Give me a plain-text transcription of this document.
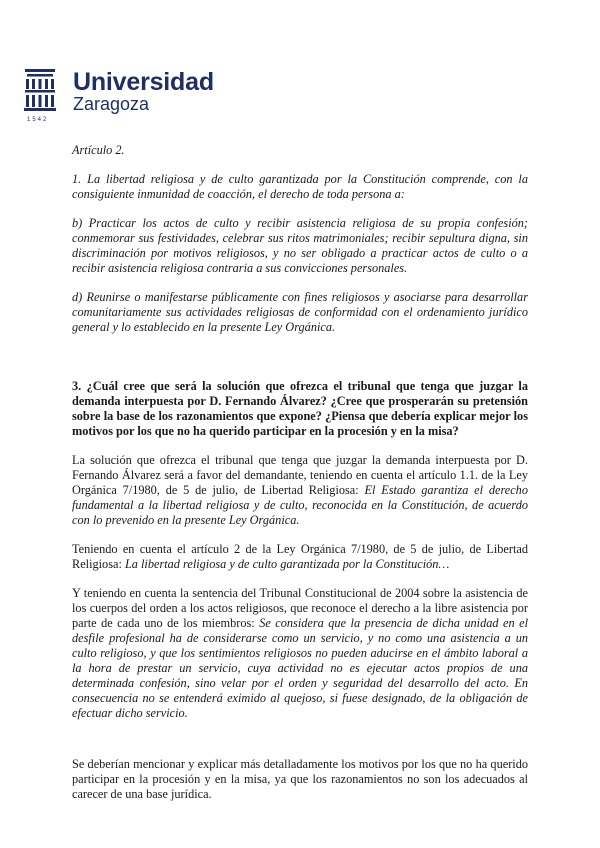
1542
Universidad
Zaragoza

Artículo 2.

1. La libertad religiosa y de culto garantizada por la Constitución comprende, con la consiguiente inmunidad de coacción, el derecho de toda persona a:

b) Practicar los actos de culto y recibir asistencia religiosa de su propia confesión; conmemorar sus festividades, celebrar sus ritos matrimoniales; recibir sepultura digna, sin discriminación por motivos religiosos, y no ser obligado a practicar actos de culto o a recibir asistencia religiosa contraria a sus convicciones personales.

d) Reunirse o manifestarse públicamente con fines religiosos y asociarse para desarrollar comunitariamente sus actividades religiosas de conformidad con el ordenamiento jurídico general y lo establecido en la presente Ley Orgánica.

3. ¿Cuál cree que será la solución que ofrezca el tribunal que tenga que juzgar la demanda interpuesta por D. Fernando Álvarez? ¿Cree que prosperarán su pretensión sobre la base de los razonamientos que expone? ¿Piensa que debería explicar mejor los motivos por los que no ha querido participar en la procesión y en la misa?

La solución que ofrezca el tribunal que tenga que juzgar la demanda interpuesta por D. Fernando Álvarez será a favor del demandante, teniendo en cuenta el artículo 1.1. de la Ley Orgánica 7/1980, de 5 de julio, de Libertad Religiosa: El Estado garantiza el derecho fundamental a la libertad religiosa y de culto, reconocida en la Constitución, de acuerdo con lo prevenido en la presente Ley Orgánica.

Teniendo en cuenta el artículo 2 de la Ley Orgánica 7/1980, de 5 de julio, de Libertad Religiosa: La libertad religiosa y de culto garantizada por la Constitución…

Y teniendo en cuenta la sentencia del Tribunal Constitucional de 2004 sobre la asistencia de los cuerpos del orden a los actos religiosos, que reconoce el derecho a la libre asistencia por parte de cada uno de los miembros: Se considera que la presencia de dicha unidad en el desfile profesional ha de considerarse como un servicio, y no como una asistencia a un culto religioso, y que los sentimientos religiosos no pueden aducirse en el ámbito laboral a la hora de prestar un servicio, cuya actividad no es ejecutar actos propios de una determinada confesión, sino velar por el orden y seguridad del desarrollo del acto. En consecuencia no se entenderá eximido al quejoso, si fuese designado, de la obligación de efectuar dicho servicio.

Se deberían mencionar y explicar más detalladamente los motivos por los que no ha querido participar en la procesión y en la misa, ya que los razonamientos no son los adecuados al carecer de una base jurídica.
